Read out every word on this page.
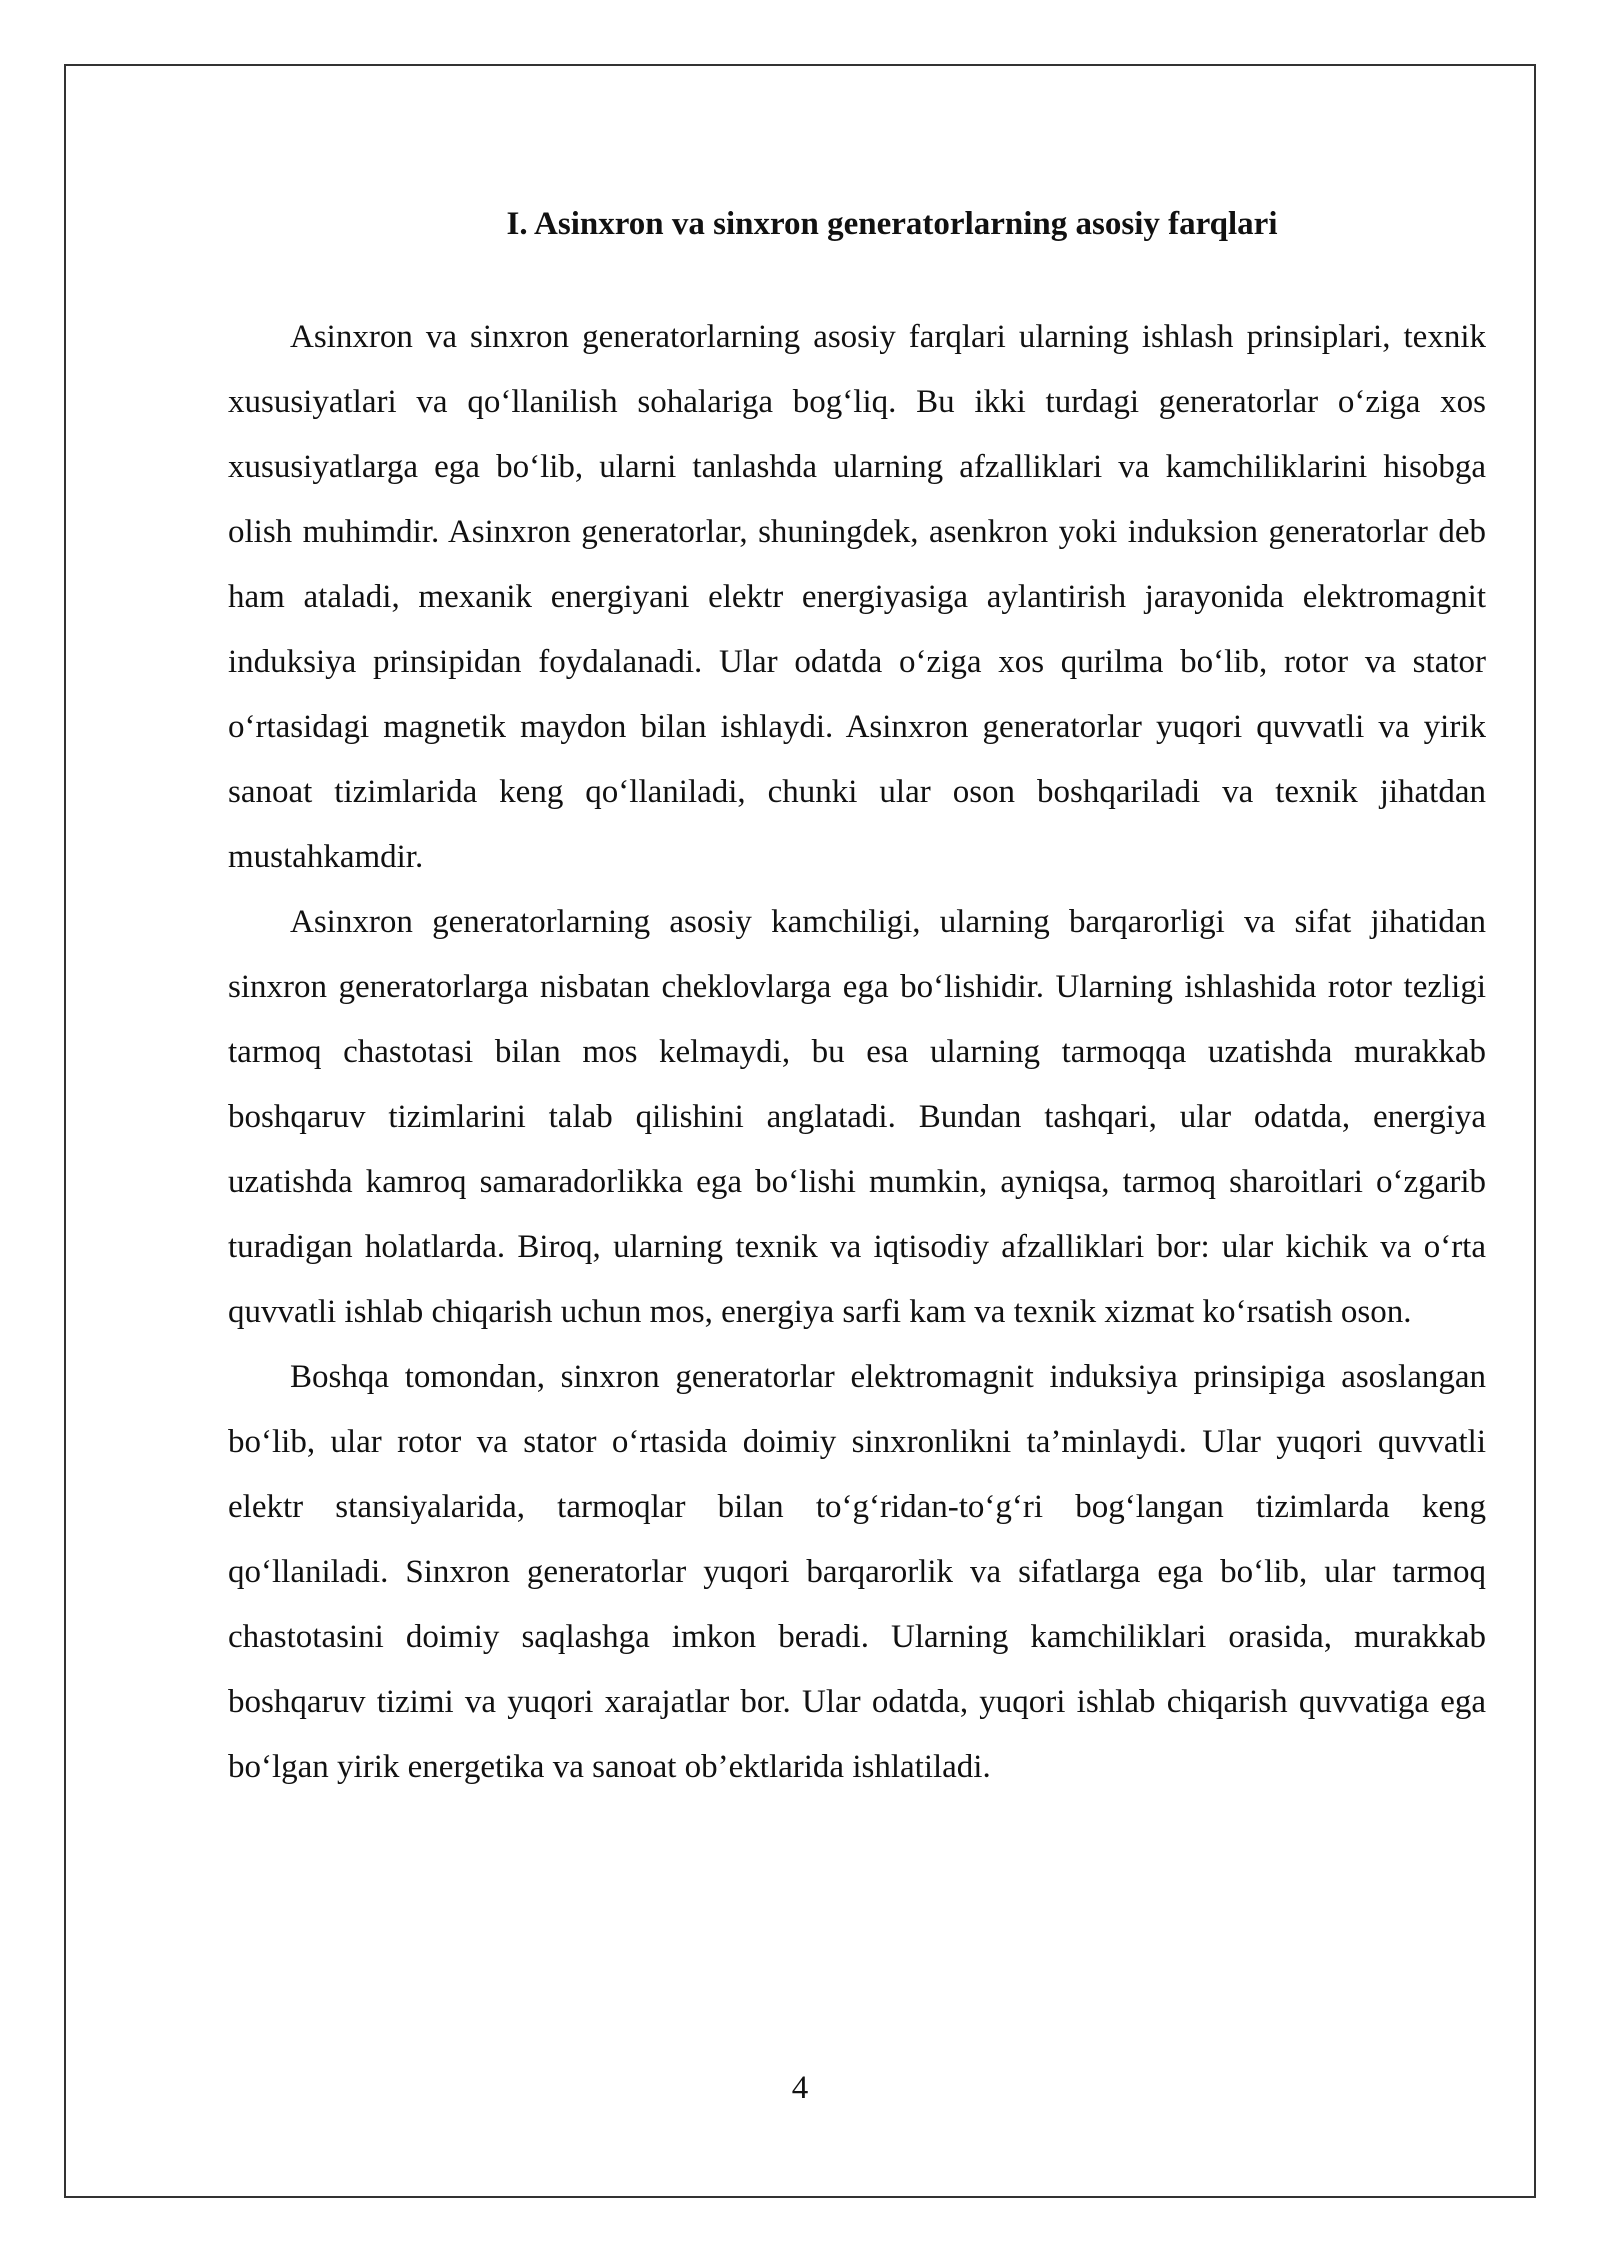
I. Asinxron va sinxron generatorlarning asosiy farqlari

Asinxron va sinxron generatorlarning asosiy farqlari ularning ishlash prinsiplari, texnik xususiyatlari va qo‘llanilish sohalariga bog‘liq. Bu ikki turdagi generatorlar o‘ziga xos xususiyatlarga ega bo‘lib, ularni tanlashda ularning afzalliklari va kamchiliklarini hisobga olish muhimdir. Asinxron generatorlar, shuningdek, asenkron yoki induksion generatorlar deb ham ataladi, mexanik energiyani elektr energiyasiga aylantirish jarayonida elektromagnit induksiya prinsipidan foydalanadi. Ular odatda o‘ziga xos qurilma bo‘lib, rotor va stator o‘rtasidagi magnetik maydon bilan ishlaydi. Asinxron generatorlar yuqori quvvatli va yirik sanoat tizimlarida keng qo‘llaniladi, chunki ular oson boshqariladi va texnik jihatdan mustahkamdir.

Asinxron generatorlarning asosiy kamchiligi, ularning barqarorligi va sifat jihatidan sinxron generatorlarga nisbatan cheklovlarga ega bo‘lishidir. Ularning ishlashida rotor tezligi tarmoq chastotasi bilan mos kelmaydi, bu esa ularning tarmoqqa uzatishda murakkab boshqaruv tizimlarini talab qilishini anglatadi. Bundan tashqari, ular odatda, energiya uzatishda kamroq samaradorlikka ega bo‘lishi mumkin, ayniqsa, tarmoq sharoitlari o‘zgarib turadigan holatlarda. Biroq, ularning texnik va iqtisodiy afzalliklari bor: ular kichik va o‘rta quvvatli ishlab chiqarish uchun mos, energiya sarfi kam va texnik xizmat ko‘rsatish oson.

Boshqa tomondan, sinxron generatorlar elektromagnit induksiya prinsipiga asoslangan bo‘lib, ular rotor va stator o‘rtasida doimiy sinxronlikni ta’minlaydi. Ular yuqori quvvatli elektr stansiyalarida, tarmoqlar bilan to‘g‘ridan-to‘g‘ri bog‘langan tizimlarda keng qo‘llaniladi. Sinxron generatorlar yuqori barqarorlik va sifatlarga ega bo‘lib, ular tarmoq chastotasini doimiy saqlashga imkon beradi. Ularning kamchiliklari orasida, murakkab boshqaruv tizimi va yuqori xarajatlar bor. Ular odatda, yuqori ishlab chiqarish quvvatiga ega bo‘lgan yirik energetika va sanoat ob’ektlarida ishlatiladi.

4
